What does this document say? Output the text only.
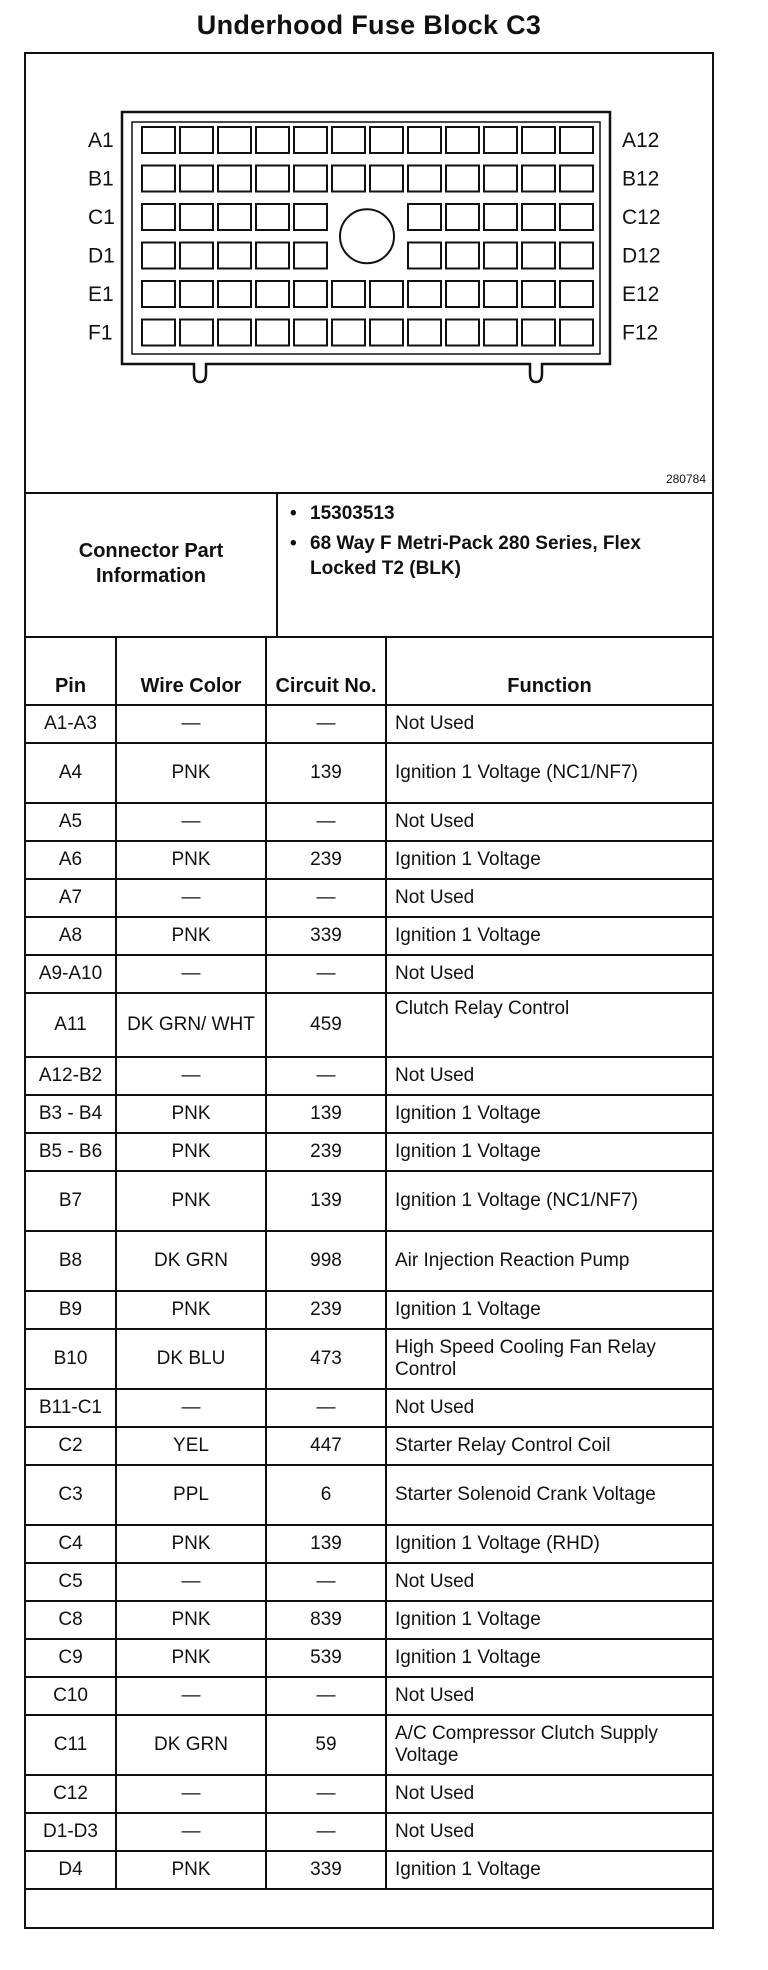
Underhood Fuse Block C3
A1
B1
C1
D1
E1
F1
A12
B12
C12
D12
E12
F12
280784
Connector Part Information
• 15303513
• 68 Way F Metri-Pack 280 Series, Flex Locked T2 (BLK)
Pin	Wire Color	Circuit No.	Function
A1-A3	—	—	Not Used
A4	PNK	139	Ignition 1 Voltage (NC1/NF7)
A5	—	—	Not Used
A6	PNK	239	Ignition 1 Voltage
A7	—	—	Not Used
A8	PNK	339	Ignition 1 Voltage
A9-A10	—	—	Not Used
A11	DK GRN/ WHT	459	Clutch Relay Control
A12-B2	—	—	Not Used
B3 - B4	PNK	139	Ignition 1 Voltage
B5 - B6	PNK	239	Ignition 1 Voltage
B7	PNK	139	Ignition 1 Voltage (NC1/NF7)
B8	DK GRN	998	Air Injection Reaction Pump
B9	PNK	239	Ignition 1 Voltage
B10	DK BLU	473	High Speed Cooling Fan Relay Control
B11-C1	—	—	Not Used
C2	YEL	447	Starter Relay Control Coil
C3	PPL	6	Starter Solenoid Crank Voltage
C4	PNK	139	Ignition 1 Voltage (RHD)
C5	—	—	Not Used
C8	PNK	839	Ignition 1 Voltage
C9	PNK	539	Ignition 1 Voltage
C10	—	—	Not Used
C11	DK GRN	59	A/C Compressor Clutch Supply Voltage
C12	—	—	Not Used
D1-D3	—	—	Not Used
D4	PNK	339	Ignition 1 Voltage
